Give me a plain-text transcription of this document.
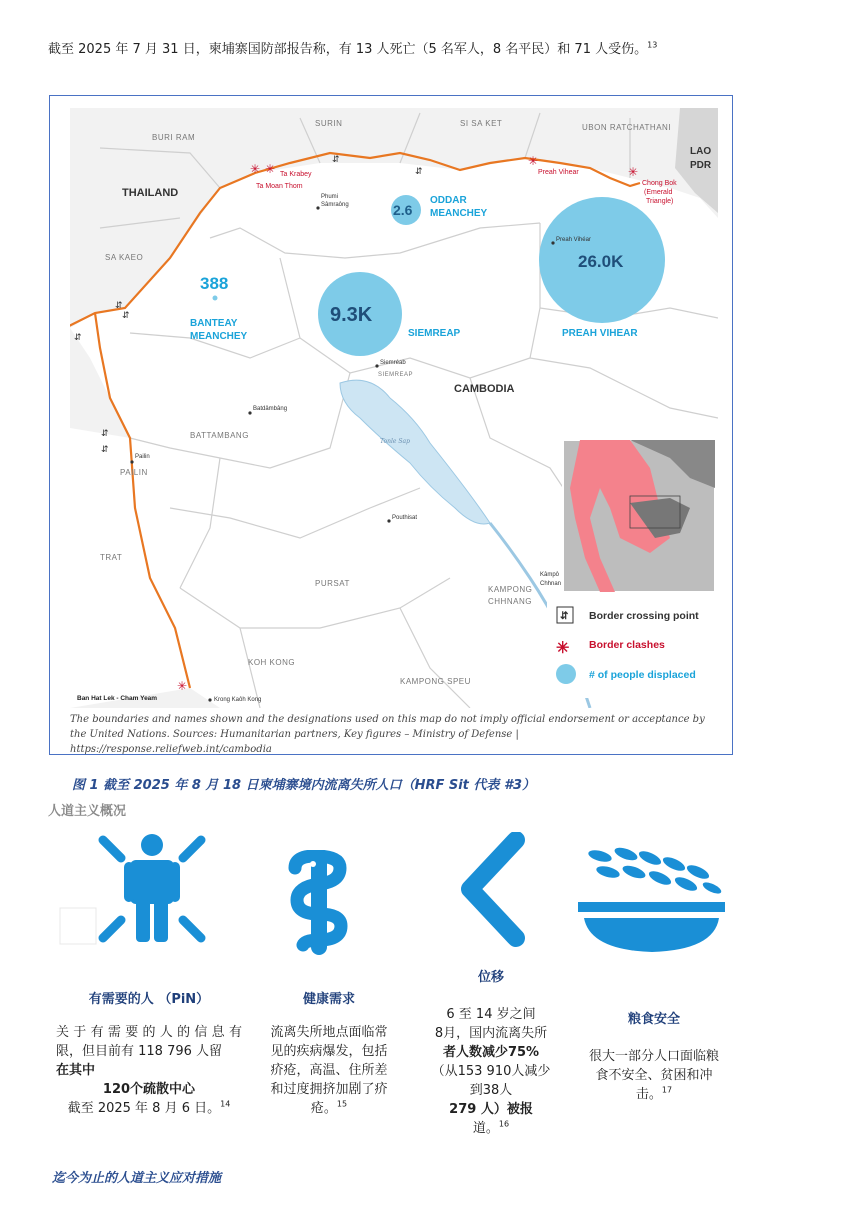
截至 2025 年 7 月 31 日，柬埔寨国防部报告称，有 13 人死亡（5 名军人，8 名平民）和 71 人受伤。$^{13}$
Tonle Sap
388
BANTEAY
MEANCHEY
2.6
ODDAR
MEANCHEY
9.3K
SIEMREAP
26.0K
PREAH VIHEAR
BURI RAM
SURIN	SI SA KET	UBON RATCHATHANI
SA KAEO
TRAT
BATTAMBANG
PAILIN
PURSAT
KOH KONG
KAMPONG SPEU
KAMPONG
CHHNANG
SIEMREAP
THAILAND
CAMBODIA
LAO
PDR
Phumi
Sâmraông
Preah Vihéar
Siemréab
Batdâmbâng
Pailin
Pouthisat
Kâmpô
Chhnan
Krong Kaôh Kong
✳ ✳ Ta Krabey
Ta Moan Thom
✳
Preah Vihear	✳
Chong Bok
(Emerald
Triangle)
✳
Ban Hat Lek - Cham Yeam
⇵
⇵
⇵
⇵
⇵
⇵
⇵
⇵ Border crossing point
✳ Border clashes
# of people displaced
The boundaries and names shown and the designations used on this map do not imply official endorsement or acceptance by the United Nations. Sources: Humanitarian partners, Key figures – Ministry of Defense | https://response.reliefweb.int/cambodia
图 1 截至 2025 年 8 月 18 日柬埔寨境内流离失所人口（HRF Sit 代表 #3）
人道主义概况
有需要的人 （PiN）
关于有需要的人的信息有
限，但目前有 118 796 人留
在其中
120个疏散中心
截至 2025 年 8 月 6 日。$^{14}$
健康需求
流离失所地点面临常
见的疾病爆发，包括
疥疮，高温、住所差
和过度拥挤加剧了疥
疮。$^{15}$
位移
6 至 14 岁之间
8月，国内流离失所
者人数减少75%
（从153 910人减少
到38人
279 人）被报
道。$^{16}$
粮食安全
很大一部分人口面临粮
食不安全、贫困和冲
击。$^{17}$
迄今为止的人道主义应对措施
